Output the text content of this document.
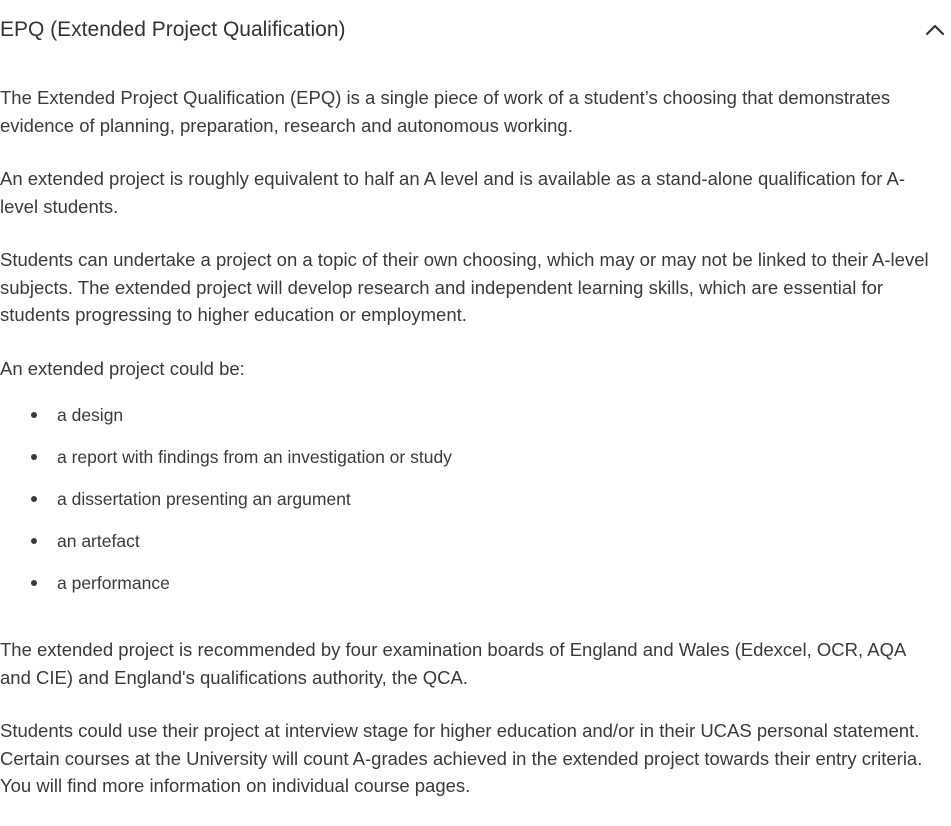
EPQ (Extended Project Qualification)

The Extended Project Qualification (EPQ) is a single piece of work of a student’s choosing that demonstrates evidence of planning, preparation, research and autonomous working.

An extended project is roughly equivalent to half an A level and is available as a stand-alone qualification for A-level students.

Students can undertake a project on a topic of their own choosing, which may or may not be linked to their A-level subjects. The extended project will develop research and independent learning skills, which are essential for students progressing to higher education or employment.

An extended project could be:

a design
a report with findings from an investigation or study
a dissertation presenting an argument
an artefact
a performance

The extended project is recommended by four examination boards of England and Wales (Edexcel, OCR, AQA and CIE) and England's qualifications authority, the QCA.

Students could use their project at interview stage for higher education and/or in their UCAS personal statement. Certain courses at the University will count A-grades achieved in the extended project towards their entry criteria. You will find more information on individual course pages.
